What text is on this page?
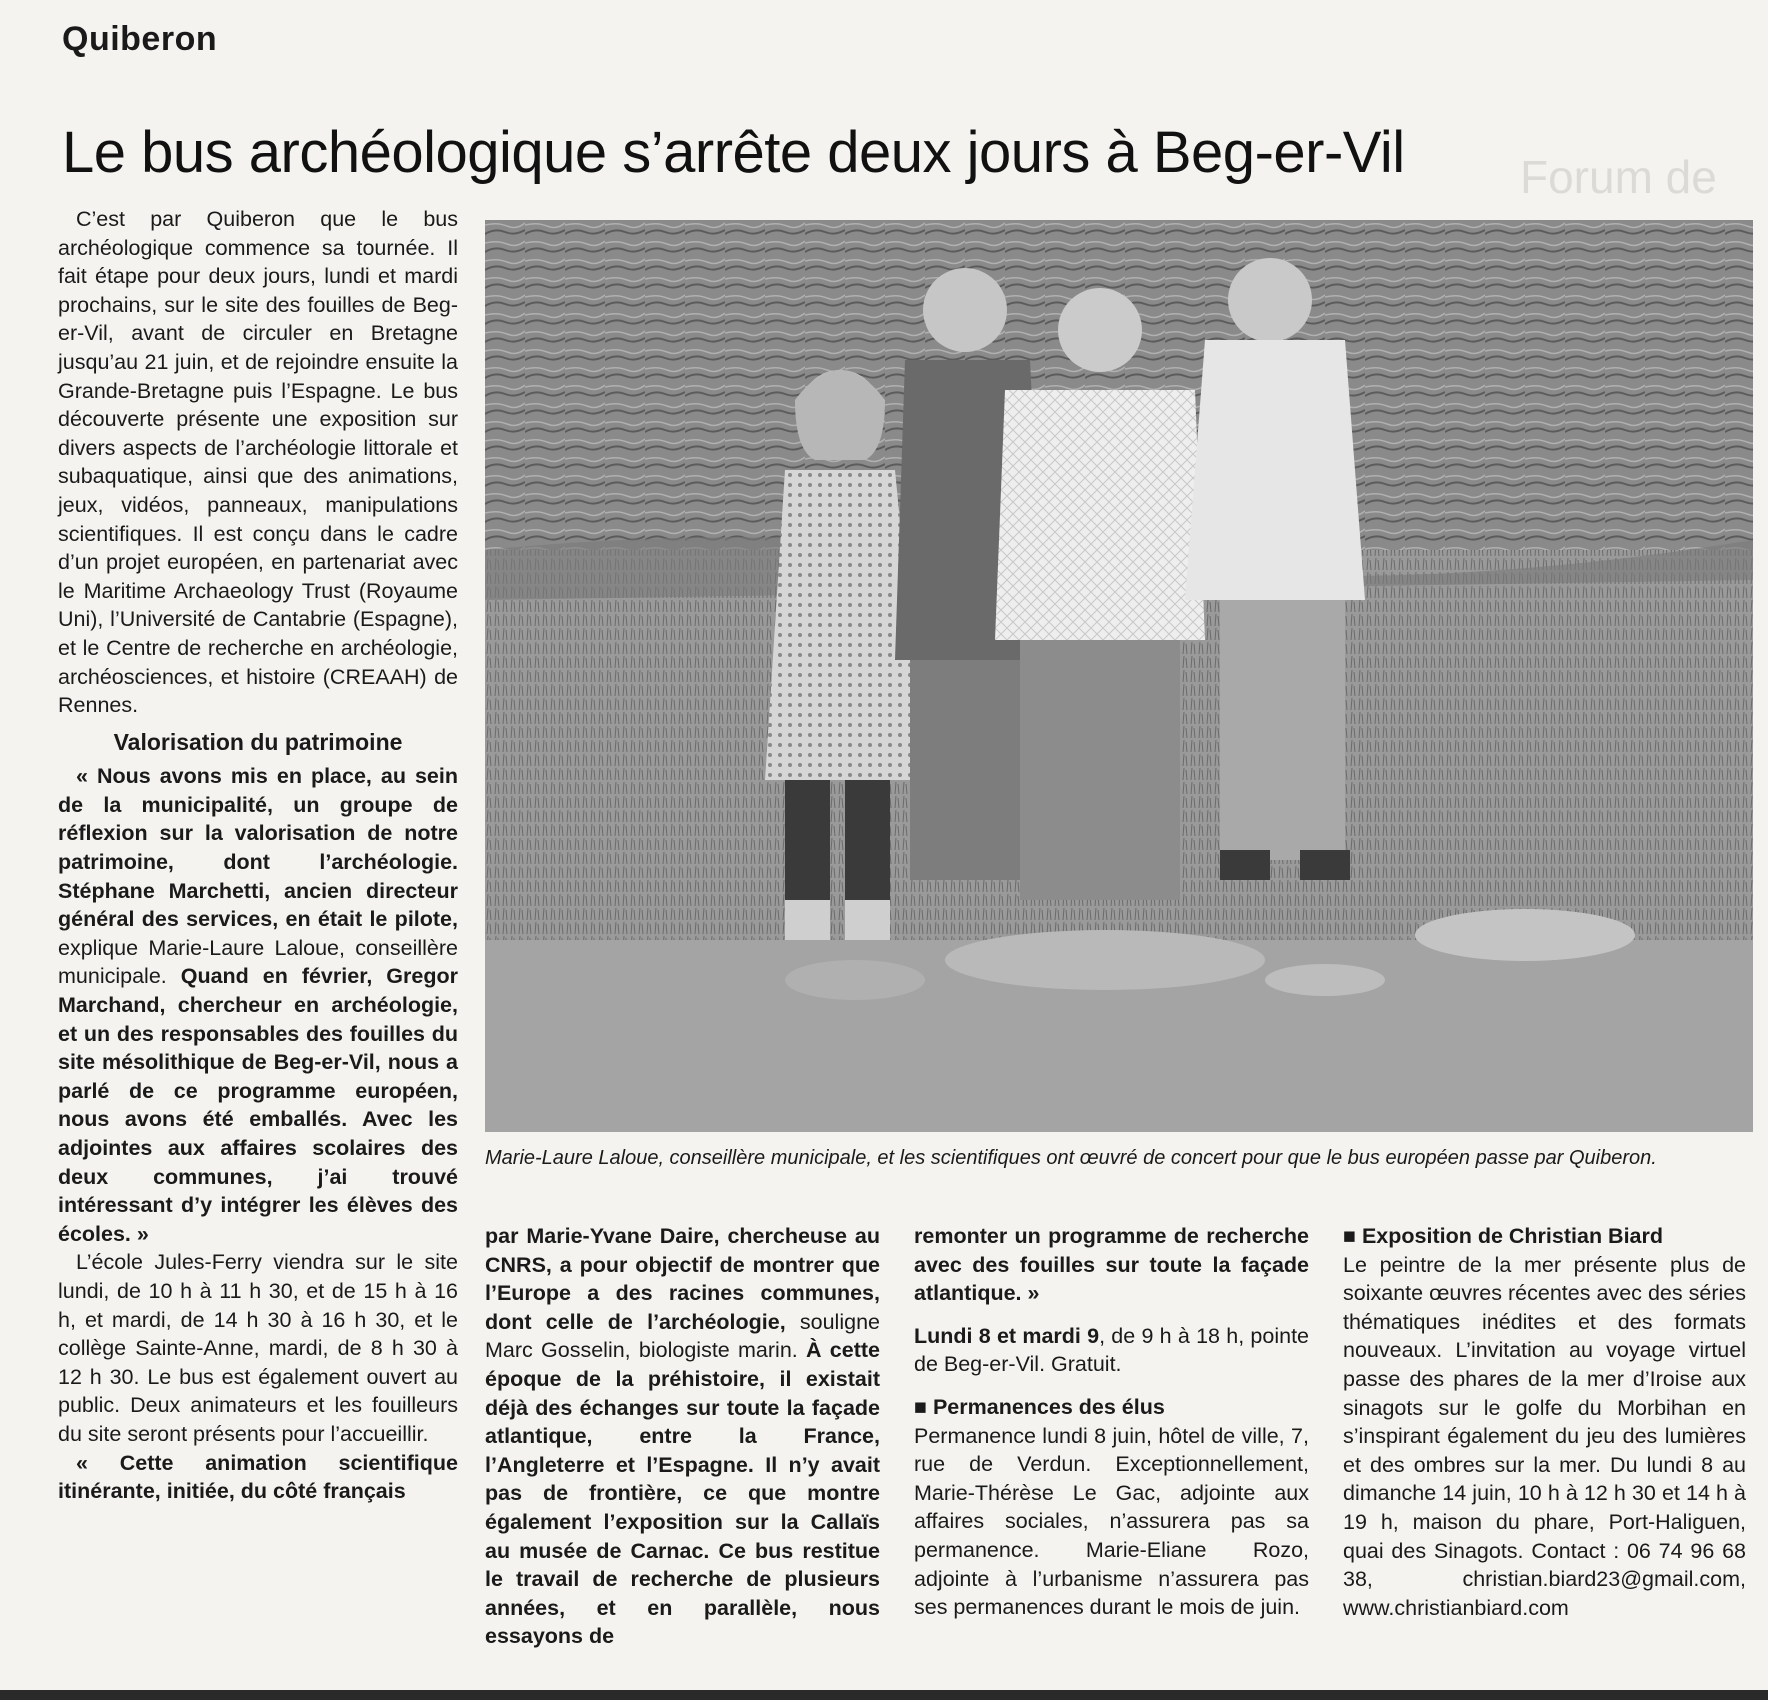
Forum de
Quiberon
Le bus archéologique s’arrête deux jours à Beg-er-Vil

C’est par Quiberon que le bus archéologique commence sa tournée. Il fait étape pour deux jours, lundi et mardi prochains, sur le site des fouilles de Beg-er-Vil, avant de circuler en Bretagne jusqu’au 21 juin, et de rejoindre ensuite la Grande-Bretagne puis l’Espagne. Le bus découverte présente une exposition sur divers aspects de l’archéologie littorale et subaquatique, ainsi que des animations, jeux, vidéos, panneaux, manipulations scientifiques. Il est conçu dans le cadre d’un projet européen, en partenariat avec le Maritime Archaeology Trust (Royaume Uni), l’Université de Cantabrie (Espagne), et le Centre de recherche en archéologie, archéosciences, et histoire (CREAAH) de Rennes.

Valorisation du patrimoine

« Nous avons mis en place, au sein de la municipalité, un groupe de réflexion sur la valorisation de notre patrimoine, dont l’archéologie. Stéphane Marchetti, ancien directeur général des services, en était le pilote, explique Marie-Laure Laloue, conseillère municipale. Quand en février, Gregor Marchand, chercheur en archéologie, et un des responsables des fouilles du site mésolithique de Beg-er-Vil, nous a parlé de ce programme européen, nous avons été emballés. Avec les adjointes aux affaires scolaires des deux communes, j’ai trouvé intéressant d’y intégrer les élèves des écoles. »

L’école Jules-Ferry viendra sur le site lundi, de 10 h à 11 h 30, et de 15 h à 16 h, et mardi, de 14 h 30 à 16 h 30, et le collège Sainte-Anne, mardi, de 8 h 30 à 12 h 30. Le bus est également ouvert au public. Deux animateurs et les fouilleurs du site seront présents pour l’accueillir.

« Cette animation scientifique itinérante, initiée, du côté français

Marie-Laure Laloue, conseillère municipale, et les scientifiques ont œuvré de concert pour que le bus européen passe par Quiberon.

par Marie-Yvane Daire, chercheuse au CNRS, a pour objectif de montrer que l’Europe a des racines communes, dont celle de l’archéologie, souligne Marc Gosselin, biologiste marin. À cette époque de la préhistoire, il existait déjà des échanges sur toute la façade atlantique, entre la France, l’Angleterre et l’Espagne. Il n’y avait pas de frontière, ce que montre également l’exposition sur la Callaïs au musée de Carnac. Ce bus restitue le travail de recherche de plusieurs années, et en parallèle, nous essayons de

remonter un programme de recherche avec des fouilles sur toute la façade atlantique. »

Lundi 8 et mardi 9, de 9 h à 18 h, pointe de Beg-er-Vil. Gratuit.

■ Permanences des élus

Permanence lundi 8 juin, hôtel de ville, 7, rue de Verdun. Exceptionnellement, Marie-Thérèse Le Gac, adjointe aux affaires sociales, n’assurera pas sa permanence. Marie-Eliane Rozo, adjointe à l’urbanisme n’assurera pas ses permanences durant le mois de juin.

■ Exposition de Christian Biard

Le peintre de la mer présente plus de soixante œuvres récentes avec des séries thématiques inédites et des formats nouveaux. L’invitation au voyage virtuel passe des phares de la mer d’Iroise aux sinagots sur le golfe du Morbihan en s’inspirant également du jeu des lumières et des ombres sur la mer. Du lundi 8 au dimanche 14 juin, 10 h à 12 h 30 et 14 h à 19 h, maison du phare, Port-Haliguen, quai des Sinagots. Contact : 06 74 96 68 38, christian.biard23@gmail.com, www.christianbiard.com
